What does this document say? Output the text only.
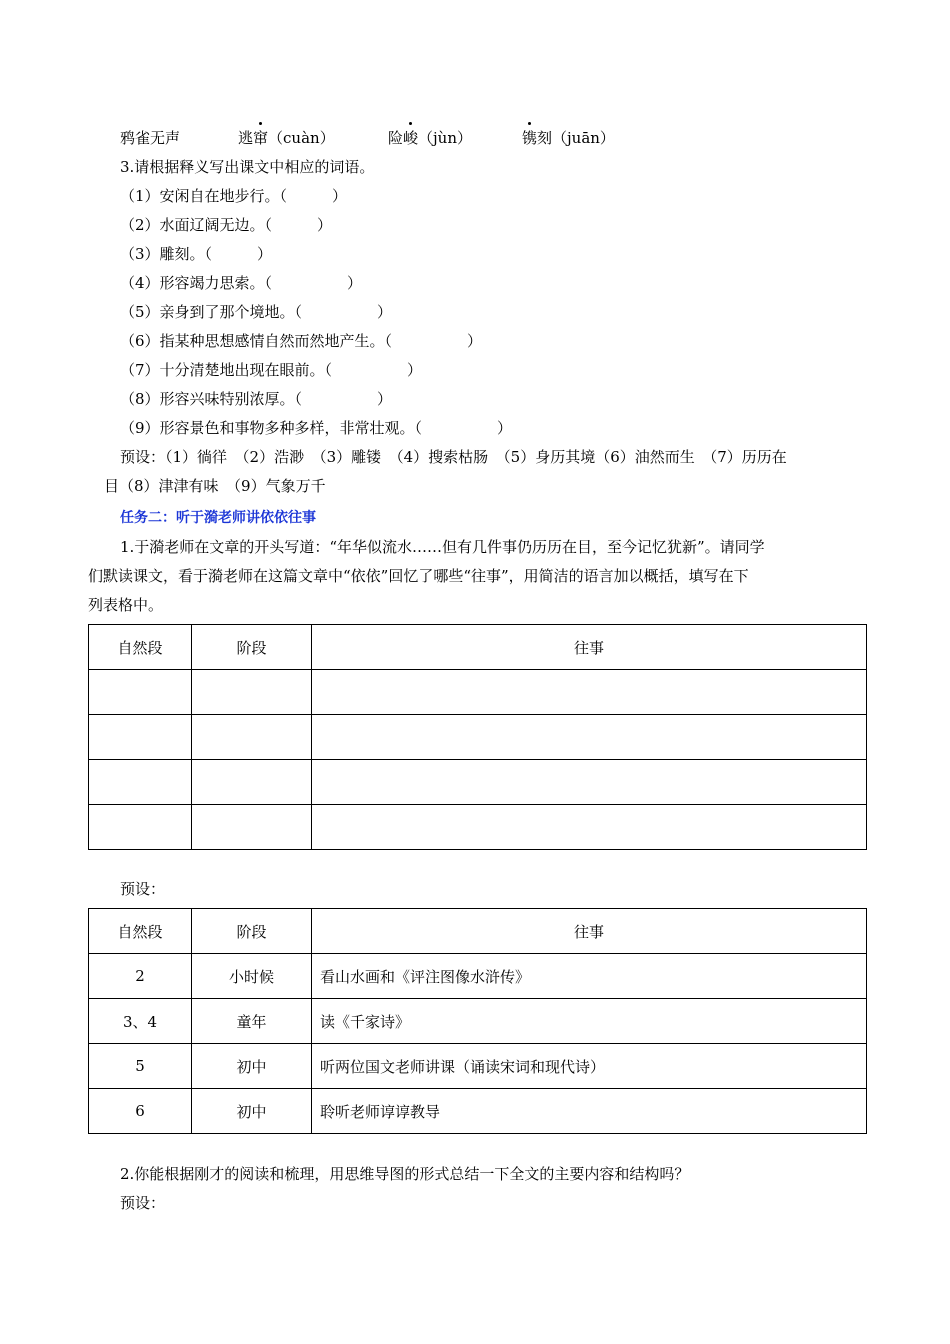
鸦雀无声	逃窜（cuàn）	险峻（jùn）	镌刻（juān）
3.请根据释义写出课文中相应的词语。
（1）安闲自在地步行。（　　　）
（2）水面辽阔无边。（　　　）
（3）雕刻。（　　　）
（4）形容竭力思索。（　　　　　）
（5）亲身到了那个境地。（　　　　　）
（6）指某种思想感情自然而然地产生。（　　　　　）
（7）十分清楚地出现在眼前。（　　　　　）
（8）形容兴味特别浓厚。（　　　　　）
（9）形容景色和事物多种多样，非常壮观。（　　　　　）
预设：（1）徜徉　（2）浩渺　（3）雕镂　（4）搜索枯肠　（5）身历其境（6）油然而生　（7）历历在
目（8）津津有味　（9）气象万千
任务二：听于漪老师讲依依往事
1.于漪老师在文章的开头写道：“年华似流水……但有几件事仍历历在目，至今记忆犹新”。请同学
们默读课文，看于漪老师在这篇文章中“依依”回忆了哪些“往事”，用简洁的语言加以概括，填写在下
列表格中。
自然段	阶段	往事

预设：
自然段	阶段	往事
2	小时候	看山水画和《评注图像水浒传》
3、4	童年	读《千家诗》
5	初中	听两位国文老师讲课（诵读宋词和现代诗）
6	初中	聆听老师谆谆教导
2.你能根据刚才的阅读和梳理，用思维导图的形式总结一下全文的主要内容和结构吗？
预设：
